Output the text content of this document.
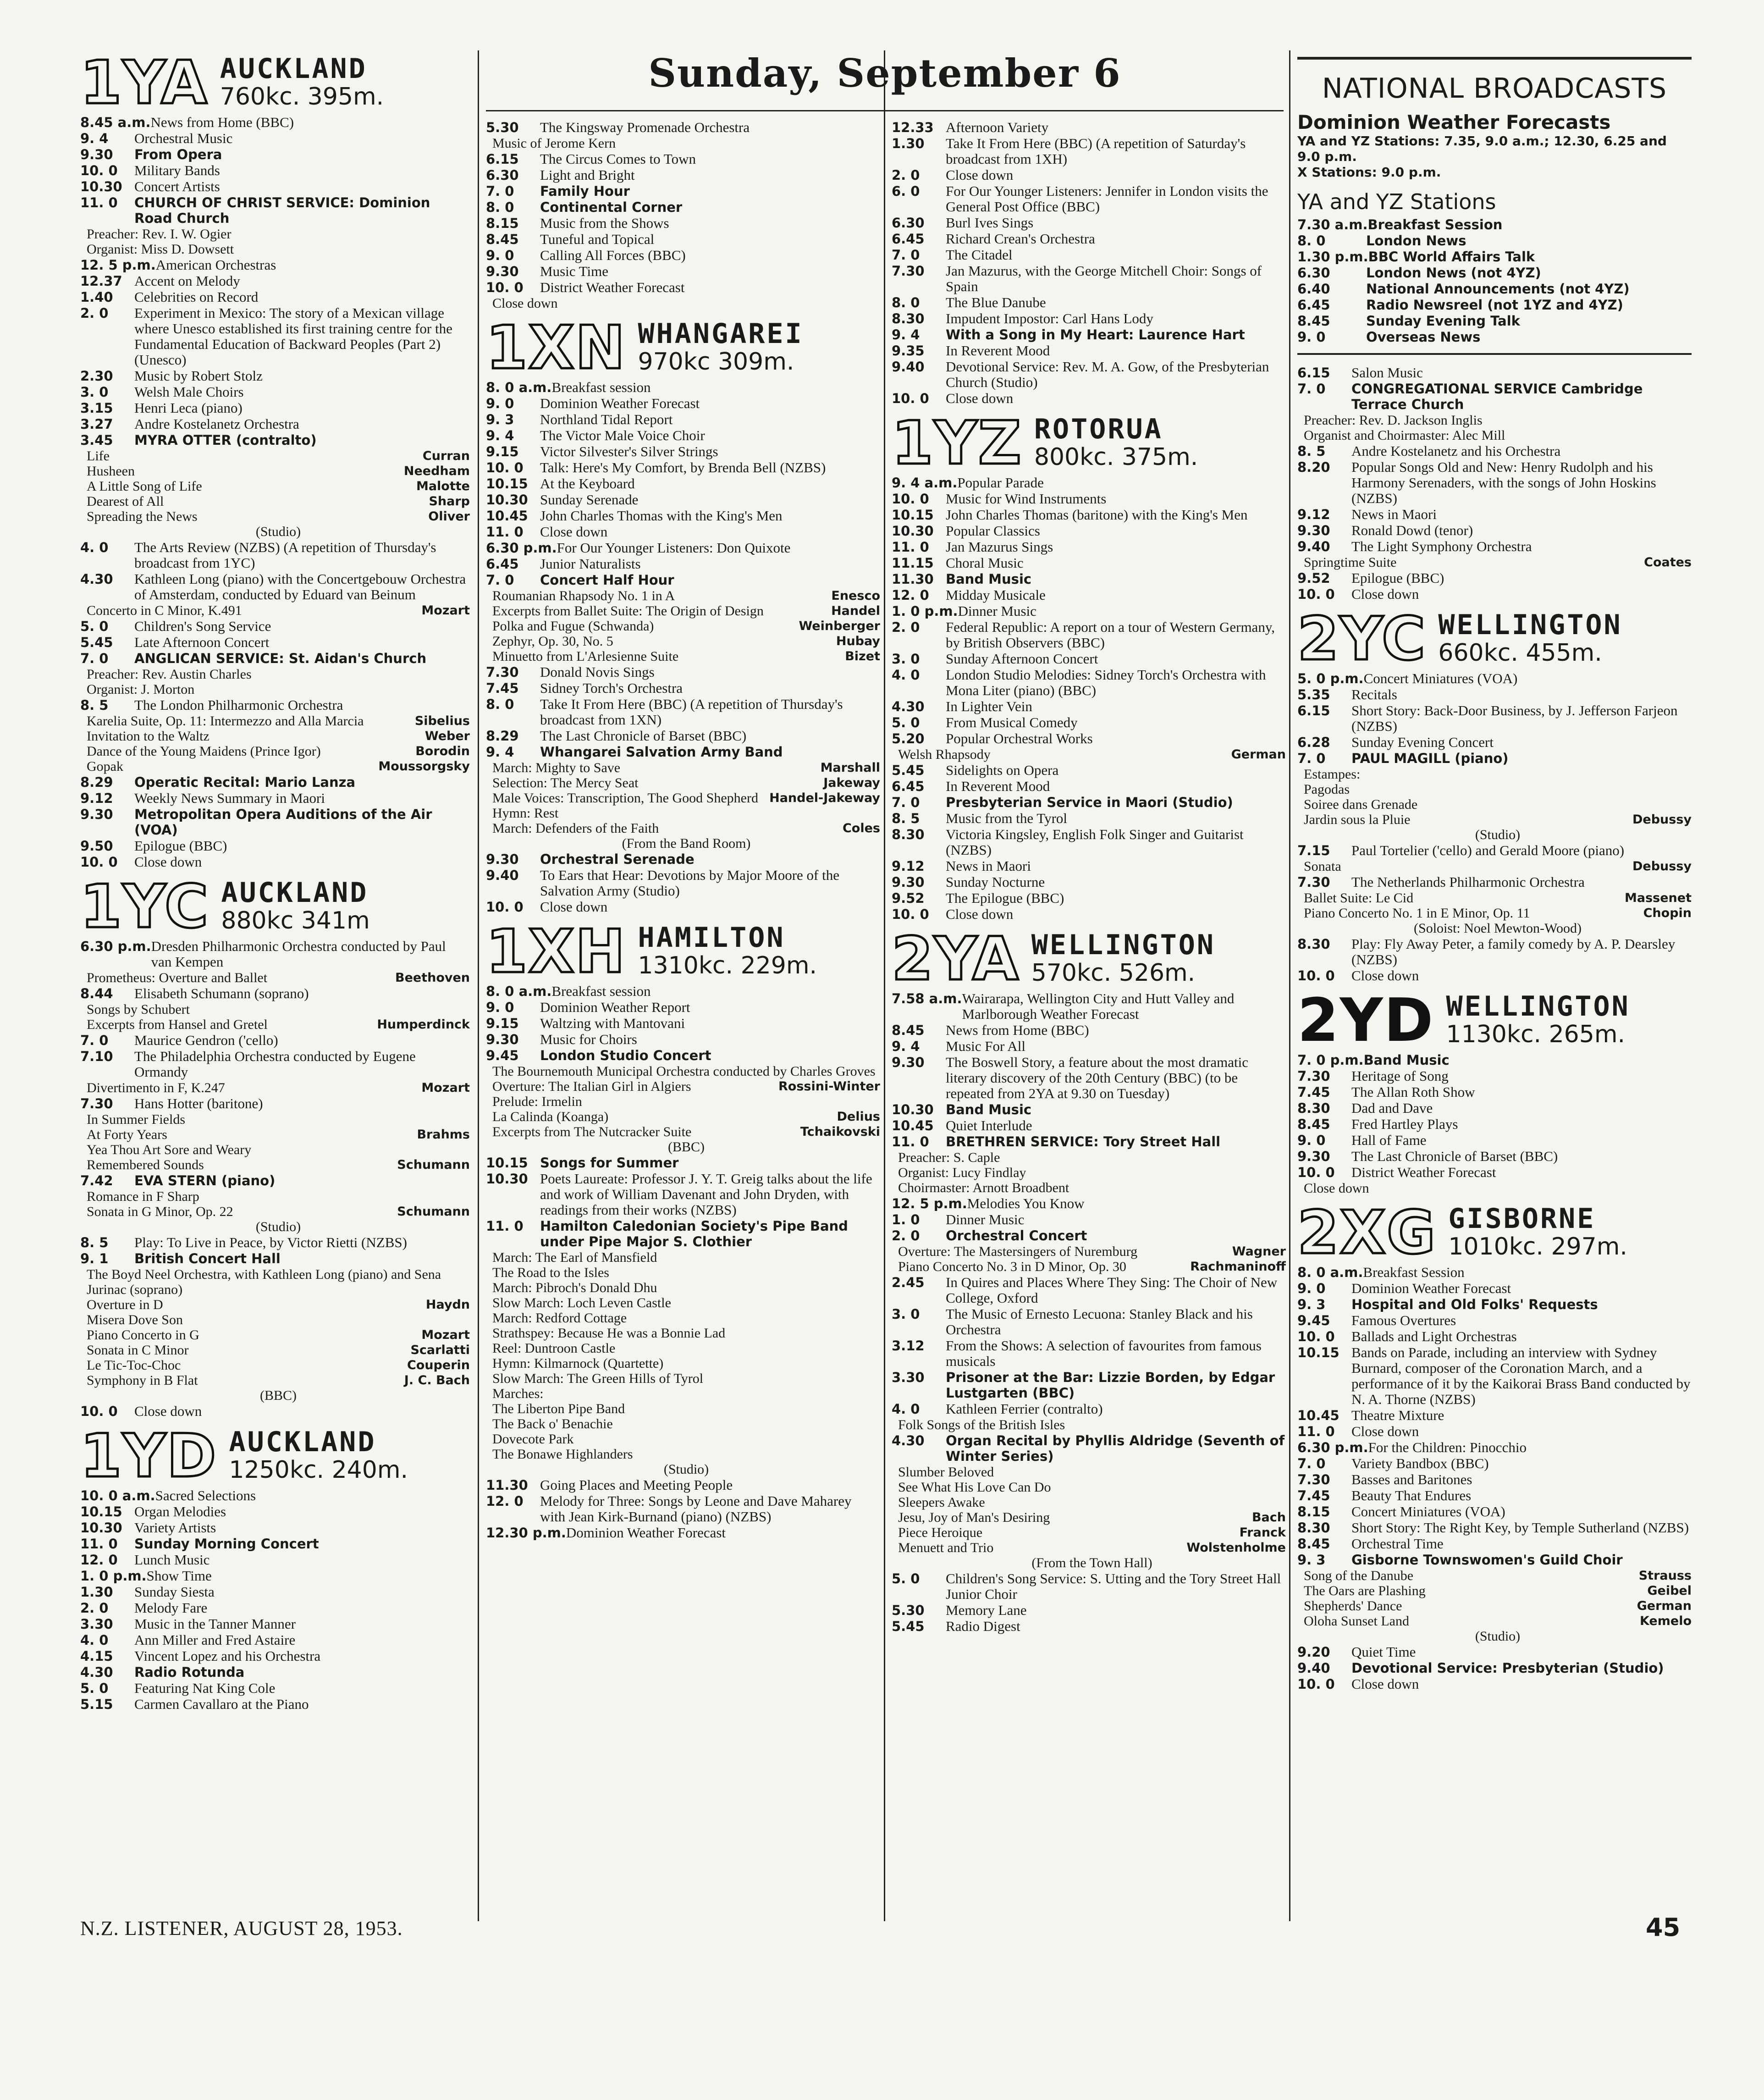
Sunday, September 6
1YA AUCKLAND
760kc. 395m.
8.45 a.m. News from Home (BBC)
9. 4	Orchestral Music
9.30	From Opera
10. 0	Military Bands
10.30 Concert Artists
11. 0	CHURCH OF CHRIST SERVICE: Dominion Road Church
Preacher: Rev. I. W. Ogier
Organist: Miss D. Dowsett
12. 5 p.m. American Orchestras
12.37 Accent on Melody
1.40	Celebrities on Record
2. 0	Experiment in Mexico: The story of a Mexican village where Unesco established its first training centre for the Fundamental Education of Backward Peoples (Part 2) (Unesco)
2.30	Music by Robert Stolz
3. 0	Welsh Male Choirs
3.15	Henri Leca (piano)
3.27	Andre Kostelanetz Orchestra
3.45	MYRA OTTER (contralto)
Life	Curran
Husheen	Needham
A Little Song of Life	Malotte
Dearest of All	Sharp
Spreading the News	Oliver
(Studio)
4. 0	The Arts Review (NZBS) (A repetition of Thursday's broadcast from 1YC)
4.30	Kathleen Long (piano) with the Concertgebouw Orchestra of Amsterdam, conducted by Eduard van Beinum
Concerto in C Minor, K.491	Mozart
5. 0	Children's Song Service
5.45	Late Afternoon Concert
7. 0	ANGLICAN SERVICE: St. Aidan's Church
Preacher: Rev. Austin Charles
Organist: J. Morton
8. 5	The London Philharmonic Orchestra
Karelia Suite, Op. 11: Intermezzo and Alla Marcia	Sibelius
Invitation to the Waltz	Weber
Dance of the Young Maidens (Prince Igor)	Borodin
Gopak	Moussorgsky
8.29	Operatic Recital: Mario Lanza
9.12	Weekly News Summary in Maori
9.30	Metropolitan Opera Auditions of the Air (VOA)
9.50	Epilogue (BBC)
10. 0	Close down
1YC AUCKLAND
880kc 341m
6.30 p.m. Dresden Philharmonic Orchestra conducted by Paul van Kempen
Prometheus: Overture and Ballet	Beethoven
8.44	Elisabeth Schumann (soprano)
Songs by Schubert
Excerpts from Hansel and Gretel	Humperdinck
7. 0	Maurice Gendron ('cello)
7.10	The Philadelphia Orchestra conducted by Eugene Ormandy
Divertimento in F, K.247	Mozart
7.30	Hans Hotter (baritone)
In Summer Fields
At Forty Years	Brahms
Yea Thou Art Sore and Weary
Remembered Sounds	Schumann
7.42	EVA STERN (piano)
Romance in F Sharp
Sonata in G Minor, Op. 22	Schumann
(Studio)
8. 5	Play: To Live in Peace, by Victor Rietti (NZBS)
9. 1	British Concert Hall
The Boyd Neel Orchestra, with Kathleen Long (piano) and Sena Jurinac (soprano)
Overture in D	Haydn
Misera Dove Son
Piano Concerto in G	Mozart
Sonata in C Minor	Scarlatti
Le Tic-Toc-Choc	Couperin
Symphony in B Flat	J. C. Bach
(BBC)
10. 0	Close down
1YD AUCKLAND
1250kc. 240m.
10. 0 a.m. Sacred Selections
10.15 Organ Melodies
10.30 Variety Artists
11. 0	Sunday Morning Concert
12. 0	Lunch Music
1. 0 p.m. Show Time
1.30	Sunday Siesta
2. 0	Melody Fare
3.30	Music in the Tanner Manner
4. 0	Ann Miller and Fred Astaire
4.15	Vincent Lopez and his Orchestra
4.30	Radio Rotunda
5. 0	Featuring Nat King Cole
5.15	Carmen Cavallaro at the Piano
5.30	The Kingsway Promenade Orchestra
Music of Jerome Kern
6.15	The Circus Comes to Town
6.30	Light and Bright
7. 0	Family Hour
8. 0	Continental Corner
8.15	Music from the Shows
8.45	Tuneful and Topical
9. 0	Calling All Forces (BBC)
9.30	Music Time
10. 0	District Weather Forecast
Close down
1XN WHANGAREI
970kc 309m.
8. 0 a.m. Breakfast session
9. 0	Dominion Weather Forecast
9. 3	Northland Tidal Report
9. 4	The Victor Male Voice Choir
9.15	Victor Silvester's Silver Strings
10. 0	Talk: Here's My Comfort, by Brenda Bell (NZBS)
10.15 At the Keyboard
10.30 Sunday Serenade
10.45 John Charles Thomas with the King's Men
11. 0	Close down
6.30 p.m. For Our Younger Listeners: Don Quixote
6.45	Junior Naturalists
7. 0	Concert Half Hour
Roumanian Rhapsody No. 1 in A	Enesco
Excerpts from Ballet Suite: The Origin of Design	Handel
Polka and Fugue (Schwanda)	Weinberger
Zephyr, Op. 30, No. 5	Hubay
Minuetto from L'Arlesienne Suite	Bizet
7.30	Donald Novis Sings
7.45	Sidney Torch's Orchestra
8. 0	Take It From Here (BBC) (A repetition of Thursday's broadcast from 1XN)
8.29	The Last Chronicle of Barset (BBC)
9. 4	Whangarei Salvation Army Band
March: Mighty to Save	Marshall
Selection: The Mercy Seat	Jakeway
Male Voices: Transcription, The Good Shepherd Handel-Jakeway
Hymn: Rest
March: Defenders of the Faith	Coles
(From the Band Room)
9.30	Orchestral Serenade
9.40	To Ears that Hear: Devotions by Major Moore of the Salvation Army (Studio)
10. 0	Close down
1XH HAMILTON
1310kc. 229m.
8. 0 a.m. Breakfast session
9. 0	Dominion Weather Report
9.15	Waltzing with Mantovani
9.30	Music for Choirs
9.45	London Studio Concert
The Bournemouth Municipal Orchestra conducted by Charles Groves
Overture: The Italian Girl in Algiers	Rossini-Winter
Prelude: Irmelin
La Calinda (Koanga)	Delius
Excerpts from The Nutcracker Suite	Tchaikovski
(BBC)
10.15 Songs for Summer
10.30 Poets Laureate: Professor J. Y. T. Greig talks about the life and work of William Davenant and John Dryden, with readings from their works (NZBS)
11. 0	Hamilton Caledonian Society's Pipe Band under Pipe Major S. Clothier
March: The Earl of Mansfield
The Road to the Isles
March: Pibroch's Donald Dhu
Slow March: Loch Leven Castle
March: Redford Cottage
Strathspey: Because He was a Bonnie Lad
Reel: Duntroon Castle
Hymn: Kilmarnock (Quartette)
Slow March: The Green Hills of Tyrol
Marches:
The Liberton Pipe Band
The Back o' Benachie
Dovecote Park
The Bonawe Highlanders
(Studio)
11.30 Going Places and Meeting People
12. 0	Melody for Three: Songs by Leone and Dave Maharey with Jean Kirk-Burnand (piano) (NZBS)
12.30 p.m. Dominion Weather Forecast
12.33 Afternoon Variety
1.30	Take It From Here (BBC) (A repetition of Saturday's broadcast from 1XH)
2. 0	Close down
6. 0	For Our Younger Listeners: Jennifer in London visits the General Post Office (BBC)
6.30	Burl Ives Sings
6.45	Richard Crean's Orchestra
7. 0	The Citadel
7.30	Jan Mazurus, with the George Mitchell Choir: Songs of Spain
8. 0	The Blue Danube
8.30	Impudent Impostor: Carl Hans Lody
9. 4	With a Song in My Heart: Laurence Hart
9.35	In Reverent Mood
9.40	Devotional Service: Rev. M. A. Gow, of the Presbyterian Church (Studio)
10. 0	Close down
1YZ ROTORUA
800kc. 375m.
9. 4 a.m. Popular Parade
10. 0	Music for Wind Instruments
10.15 John Charles Thomas (baritone) with the King's Men
10.30 Popular Classics
11. 0	Jan Mazurus Sings
11.15 Choral Music
11.30 Band Music
12. 0	Midday Musicale
1. 0 p.m. Dinner Music
2. 0	Federal Republic: A report on a tour of Western Germany, by British Observers (BBC)
3. 0	Sunday Afternoon Concert
4. 0	London Studio Melodies: Sidney Torch's Orchestra with Mona Liter (piano) (BBC)
4.30	In Lighter Vein
5. 0	From Musical Comedy
5.20	Popular Orchestral Works
Welsh Rhapsody	German
5.45	Sidelights on Opera
6.45	In Reverent Mood
7. 0	Presbyterian Service in Maori (Studio)
8. 5	Music from the Tyrol
8.30	Victoria Kingsley, English Folk Singer and Guitarist (NZBS)
9.12	News in Maori
9.30	Sunday Nocturne
9.52	The Epilogue (BBC)
10. 0	Close down
2YA WELLINGTON
570kc. 526m.
7.58 a.m. Wairarapa, Wellington City and Hutt Valley and Marlborough Weather Forecast
8.45	News from Home (BBC)
9. 4	Music For All
9.30	The Boswell Story, a feature about the most dramatic literary discovery of the 20th Century (BBC) (to be repeated from 2YA at 9.30 on Tuesday)
10.30 Band Music
10.45 Quiet Interlude
11. 0	BRETHREN SERVICE: Tory Street Hall
Preacher: S. Caple
Organist: Lucy Findlay
Choirmaster: Arnott Broadbent
12. 5 p.m. Melodies You Know
1. 0	Dinner Music
2. 0	Orchestral Concert
Overture: The Mastersingers of Nuremburg	Wagner
Piano Concerto No. 3 in D Minor, Op. 30	Rachmaninoff
2.45	In Quires and Places Where They Sing: The Choir of New College, Oxford
3. 0	The Music of Ernesto Lecuona: Stanley Black and his Orchestra
3.12	From the Shows: A selection of favourites from famous musicals
3.30	Prisoner at the Bar: Lizzie Borden, by Edgar Lustgarten (BBC)
4. 0	Kathleen Ferrier (contralto)
Folk Songs of the British Isles
4.30	Organ Recital by Phyllis Aldridge (Seventh of Winter Series)
Slumber Beloved
See What His Love Can Do
Sleepers Awake
Jesu, Joy of Man's Desiring	Bach
Piece Heroique	Franck
Menuett and Trio	Wolstenholme
(From the Town Hall)
5. 0	Children's Song Service: S. Utting and the Tory Street Hall Junior Choir
5.30	Memory Lane
5.45	Radio Digest
NATIONAL BROADCASTS
Dominion Weather Forecasts
YA and YZ Stations: 7.35, 9.0 a.m.; 12.30, 6.25 and 9.0 p.m.
X Stations: 9.0 p.m.
YA and YZ Stations
7.30 a.m. Breakfast Session
8. 0	London News
1.30 p.m. BBC World Affairs Talk
6.30	London News (not 4YZ)
6.40	National Announcements (not 4YZ)
6.45	Radio Newsreel (not 1YZ and 4YZ)
8.45	Sunday Evening Talk
9. 0	Overseas News
6.15	Salon Music
7. 0	CONGREGATIONAL SERVICE Cambridge Terrace Church
Preacher: Rev. D. Jackson Inglis
Organist and Choirmaster: Alec Mill
8. 5	Andre Kostelanetz and his Orchestra
8.20	Popular Songs Old and New: Henry Rudolph and his Harmony Serenaders, with the songs of John Hoskins (NZBS)
9.12	News in Maori
9.30	Ronald Dowd (tenor)
9.40	The Light Symphony Orchestra
Springtime Suite	Coates
9.52	Epilogue (BBC)
10. 0	Close down
2YC WELLINGTON
660kc. 455m.
5. 0 p.m. Concert Miniatures (VOA)
5.35	Recitals
6.15	Short Story: Back-Door Business, by J. Jefferson Farjeon (NZBS)
6.28	Sunday Evening Concert
7. 0	PAUL MAGILL (piano)
Estampes:
Pagodas
Soiree dans Grenade
Jardin sous la Pluie	Debussy
(Studio)
7.15	Paul Tortelier ('cello) and Gerald Moore (piano)
Sonata	Debussy
7.30	The Netherlands Philharmonic Orchestra
Ballet Suite: Le Cid	Massenet
Piano Concerto No. 1 in E Minor, Op. 11	Chopin
(Soloist: Noel Mewton-Wood)
8.30	Play: Fly Away Peter, a family comedy by A. P. Dearsley (NZBS)
10. 0	Close down
2YD WELLINGTON
1130kc. 265m.
7. 0 p.m. Band Music
7.30	Heritage of Song
7.45	The Allan Roth Show
8.30	Dad and Dave
8.45	Fred Hartley Plays
9. 0	Hall of Fame
9.30	The Last Chronicle of Barset (BBC)
10. 0	District Weather Forecast
Close down
2XG GISBORNE
1010kc. 297m.
8. 0 a.m. Breakfast Session
9. 0	Dominion Weather Forecast
9. 3	Hospital and Old Folks' Requests
9.45	Famous Overtures
10. 0	Ballads and Light Orchestras
10.15 Bands on Parade, including an interview with Sydney Burnard, composer of the Coronation March, and a performance of it by the Kaikorai Brass Band conducted by N. A. Thorne (NZBS)
10.45 Theatre Mixture
11. 0	Close down
6.30 p.m. For the Children: Pinocchio
7. 0	Variety Bandbox (BBC)
7.30	Basses and Baritones
7.45	Beauty That Endures
8.15	Concert Miniatures (VOA)
8.30	Short Story: The Right Key, by Temple Sutherland (NZBS)
8.45	Orchestral Time
9. 3	Gisborne Townswomen's Guild Choir
Song of the Danube	Strauss
The Oars are Plashing	Geibel
Shepherds' Dance	German
Oloha Sunset Land	Kemelo
(Studio)
9.20	Quiet Time
9.40	Devotional Service: Presbyterian (Studio)
10. 0	Close down
N.Z. LISTENER, AUGUST 28, 1953.	45
